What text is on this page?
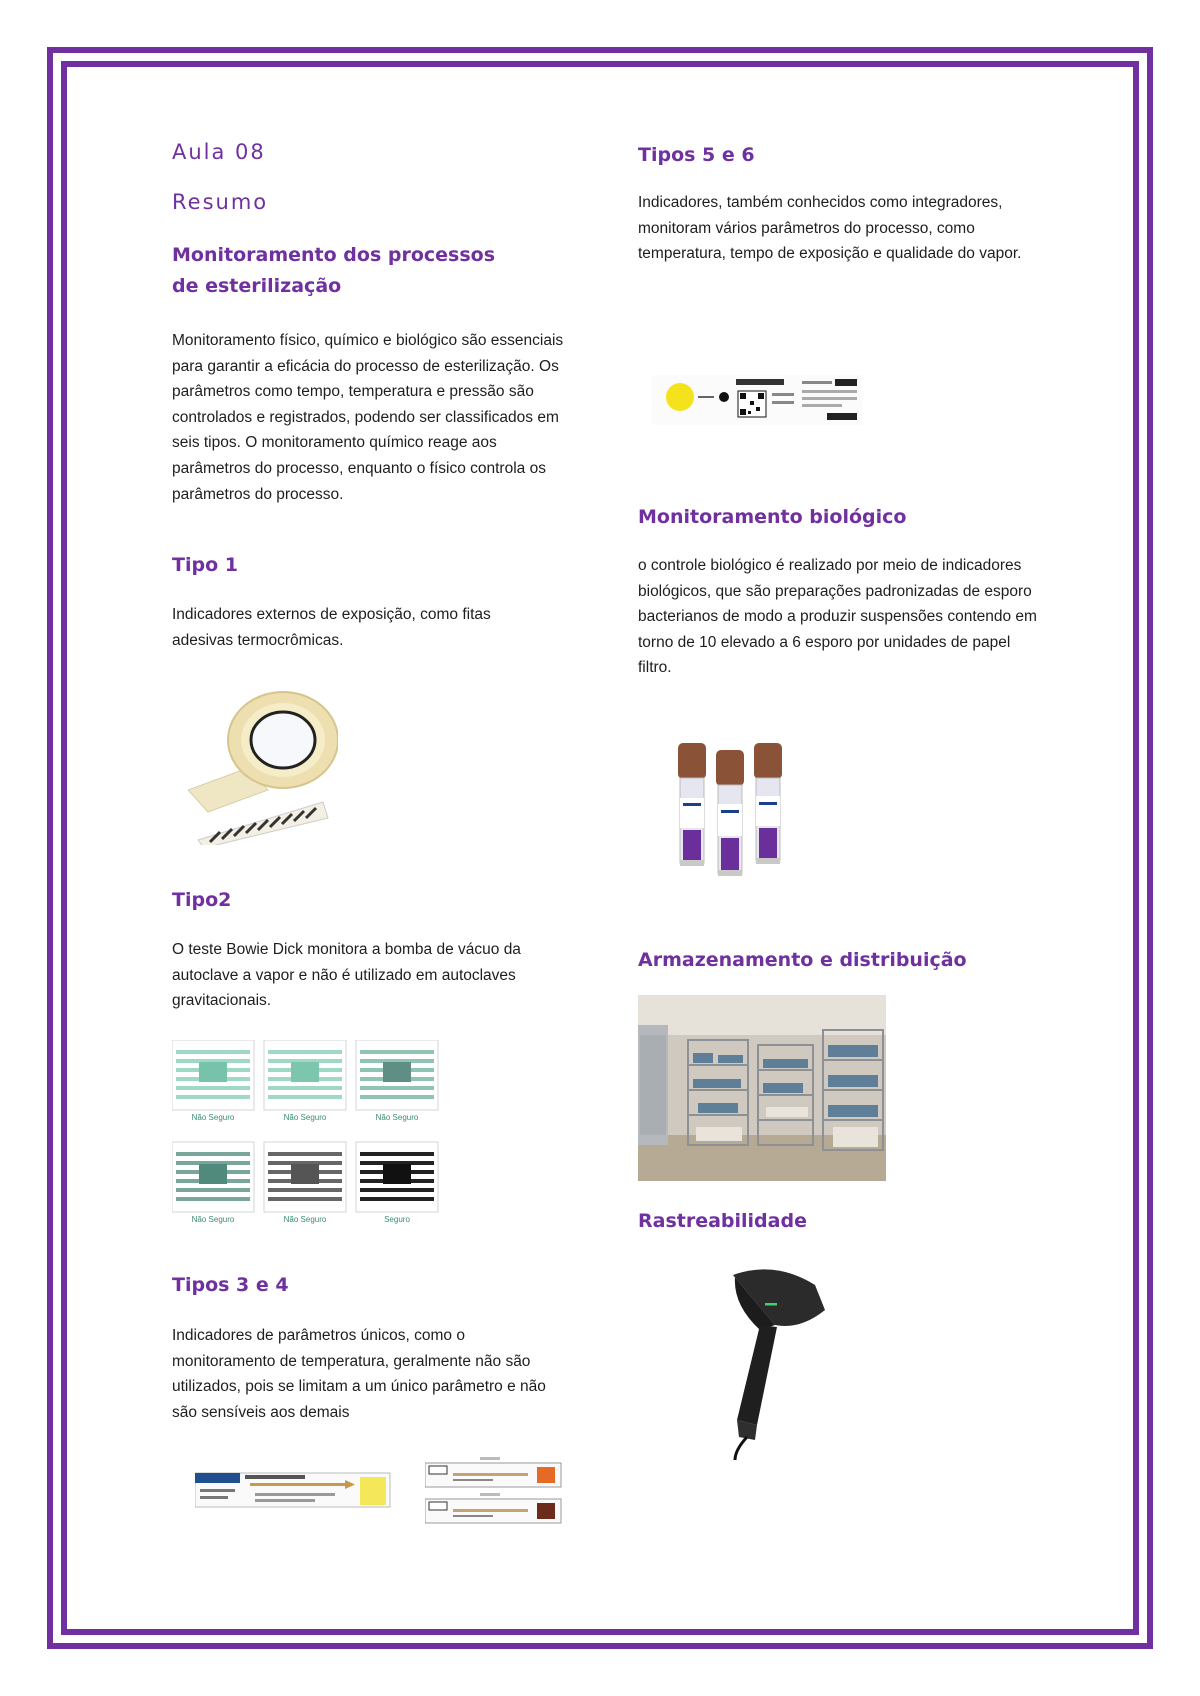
Aula 08

Resumo

Monitoramento dos processos de esterilização

Monitoramento físico, químico e biológico são essenciais para garantir a eficácia do processo de esterilização. Os parâmetros como tempo, temperatura e pressão são controlados e registrados, podendo ser classificados em seis tipos. O monitoramento químico reage aos parâmetros do processo, enquanto o físico controla os parâmetros do processo.

Tipo 1

Indicadores externos de exposição, como fitas adesivas termocrômicas.

Tipo2

O teste Bowie Dick monitora a bomba de vácuo da autoclave a vapor e não é utilizado em autoclaves gravitacionais.

Tipos 3 e 4

Indicadores de parâmetros únicos, como o monitoramento de temperatura, geralmente não são utilizados, pois se limitam a um único parâmetro e não são sensíveis aos demais

Tipos 5 e 6

Indicadores, também conhecidos como integradores, monitoram vários parâmetros do processo, como temperatura, tempo de exposição e qualidade do vapor.

Monitoramento biológico

o controle biológico é realizado por meio de indicadores biológicos, que são preparações padronizadas de esporo bacterianos de modo a produzir suspensões contendo em torno de 10 elevado a 6 esporo por unidades de papel filtro.

Armazenamento e distribuição
Rastreabilidade
Não Seguro	Não Seguro	Não Seguro
Não Seguro	Não Seguro	Seguro
